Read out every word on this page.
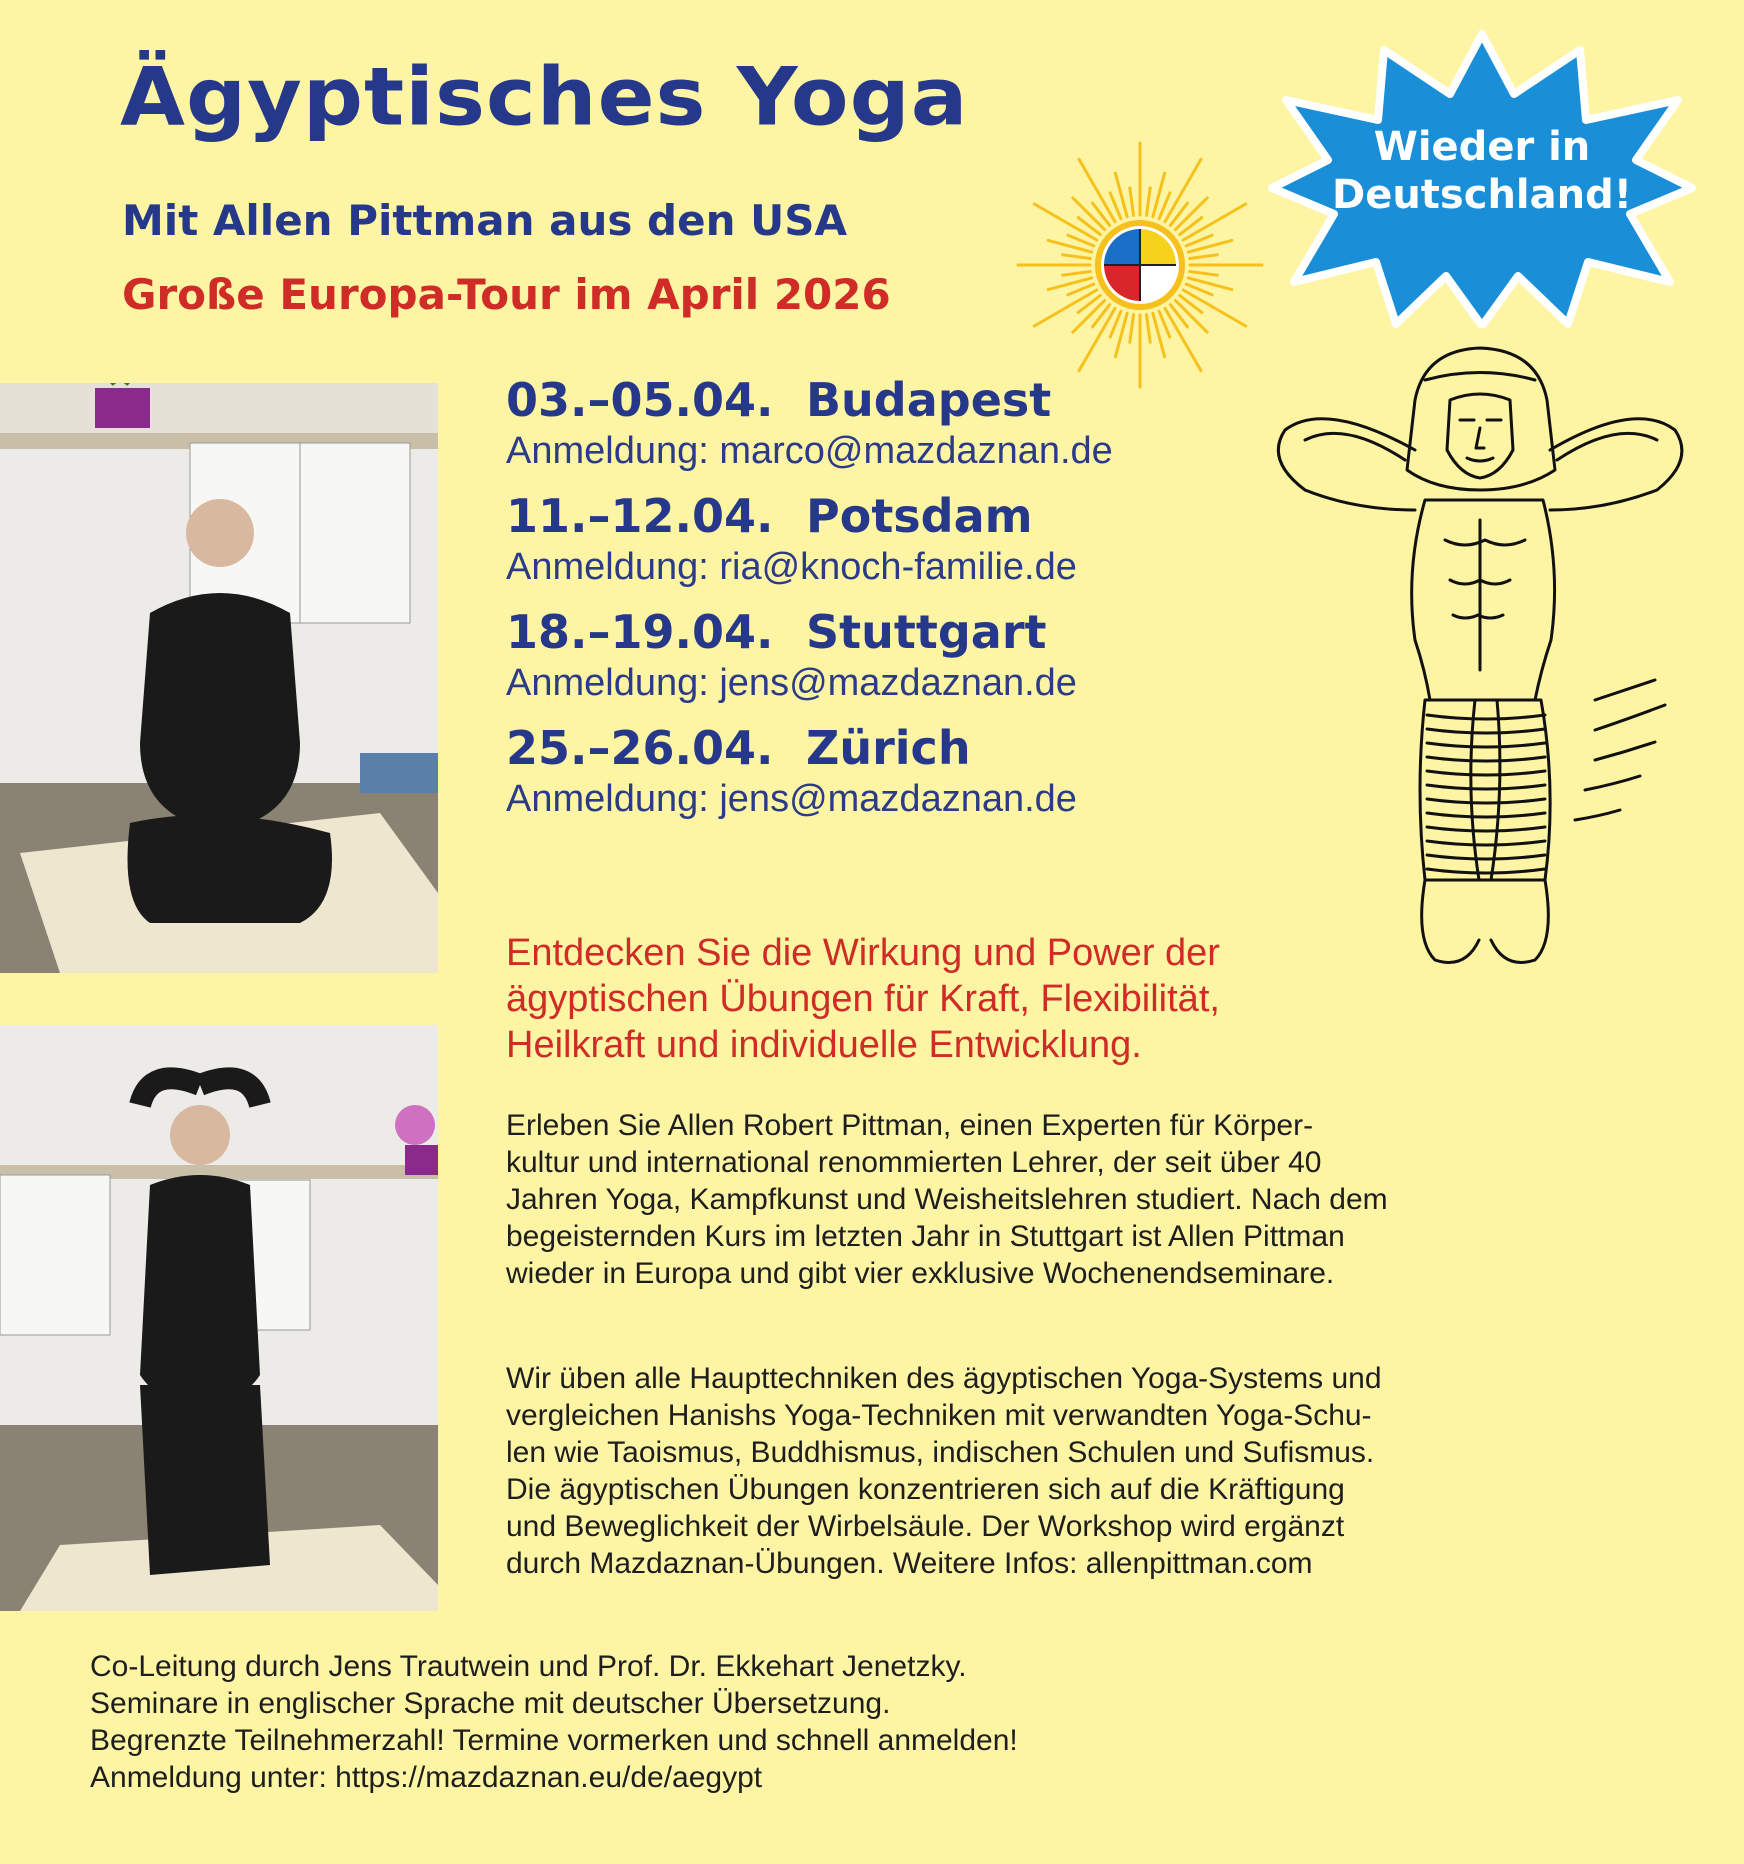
Ägyptisches Yoga
Mit Allen Pittman aus den USA
Große Europa-Tour im April 2026
Wieder in
Deutschland!
03.–05.04. Budapest
Anmeldung: marco@mazdaznan.de
11.–12.04. Potsdam
Anmeldung: ria@knoch-familie.de
18.–19.04. Stuttgart
Anmeldung: jens@mazdaznan.de
25.–26.04. Zürich
Anmeldung: jens@mazdaznan.de
Entdecken Sie die Wirkung und Power der
ägyptischen Übungen für Kraft, Flexibilität,
Heilkraft und individuelle Entwicklung.
Erleben Sie Allen Robert Pittman, einen Experten für Körper-
kultur und international renommierten Lehrer, der seit über 40
Jahren Yoga, Kampfkunst und Weisheitslehren studiert. Nach dem
begeisternden Kurs im letzten Jahr in Stuttgart ist Allen Pittman
wieder in Europa und gibt vier exklusive Wochenendseminare.
Wir üben alle Haupttechniken des ägyptischen Yoga-Systems und
vergleichen Hanishs Yoga-Techniken mit verwandten Yoga-Schu-
len wie Taoismus, Buddhismus, indischen Schulen und Sufismus.
Die ägyptischen Übungen konzentrieren sich auf die Kräftigung
und Beweglichkeit der Wirbelsäule. Der Workshop wird ergänzt
durch Mazdaznan-Übungen. Weitere Infos: allenpittman.com
Co-Leitung durch Jens Trautwein und Prof. Dr. Ekkehart Jenetzky.
Seminare in englischer Sprache mit deutscher Übersetzung.
Begrenzte Teilnehmerzahl! Termine vormerken und schnell anmelden!
Anmeldung unter: https://mazdaznan.eu/de/aegypt
